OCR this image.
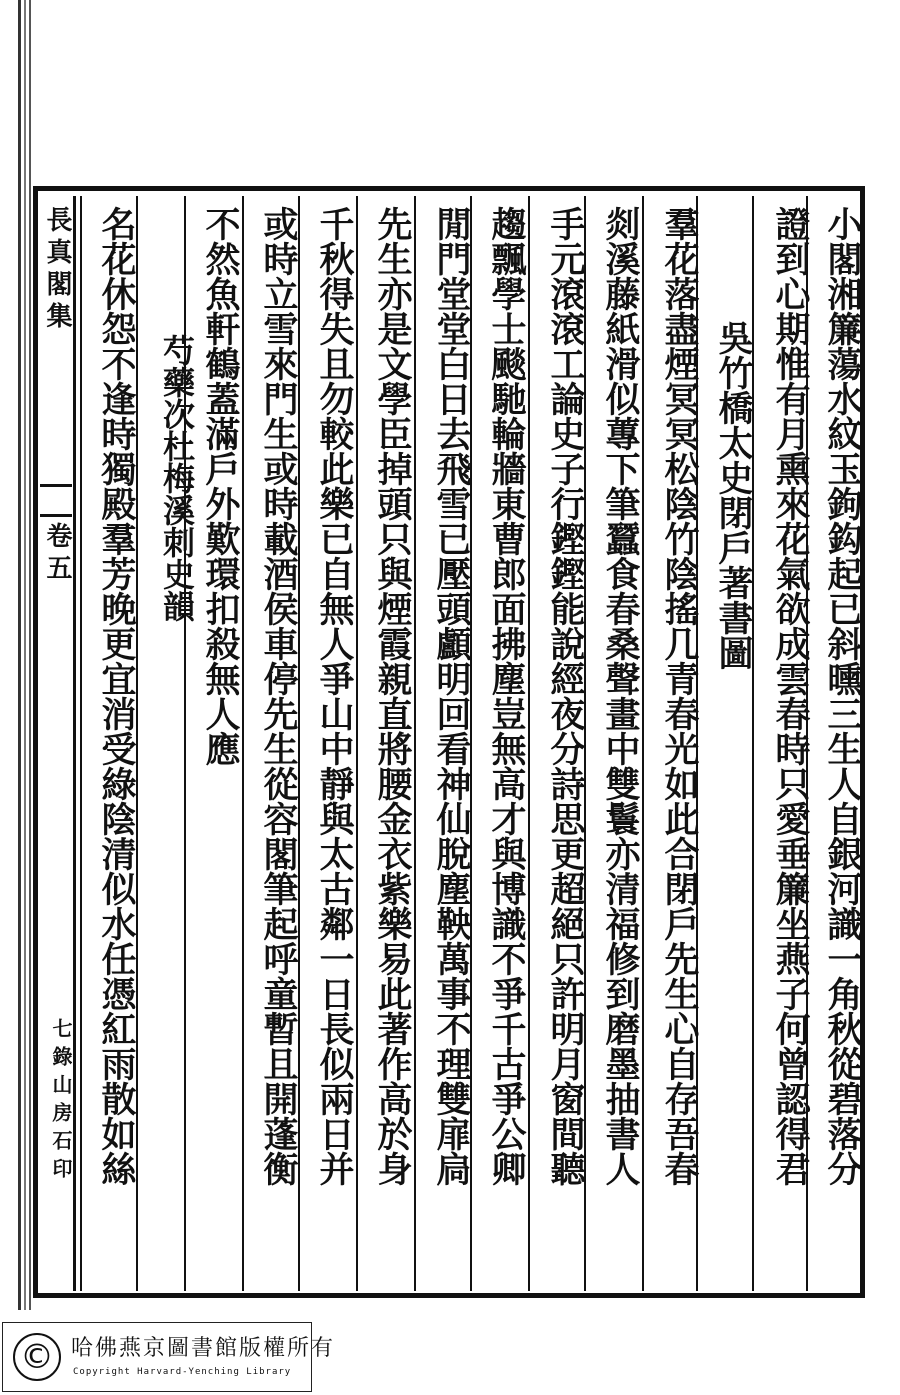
長真閣集
卷五
七錄山房石印	小閣湘簾蕩水紋玉鉤鈎起已斜曛三生人自銀河識一角秋從碧落分
證到心期惟有月熏來花氣欲成雲春時只愛垂簾坐燕子何曾認得君
吳竹橋太史閉戶著書圖
羣花落盡煙冥冥松陰竹陰搖几青春光如此合閉戶先生心自存吾春
剡溪藤紙滑似蓴下筆蠶食春桑聲畫中雙鬟亦清福修到磨墨抽書人
手元滾滾工論史子行鏗鏗能說經夜分詩思更超絕只許明月窗間聽
趨飄學士颷馳輪牆東曹郎面拂塵豈無高才與博識不爭千古爭公卿
閒門堂堂白日去飛雪已壓頭顱明回看神仙脫塵鞅萬事不理雙扉扃
先生亦是文學臣掉頭只與煙霞親直將腰金衣紫樂易此著作高於身
千秋得失且勿較此樂已自無人爭山中靜與太古鄰一日長似兩日并
或時立雪來門生或時載酒侯車停先生從容閣筆起呼童暫且開蓬衡
不然魚軒鶴蓋滿戶外歎環扣殺無人應
芍藥次杜梅溪刺史韻
名花休怨不逢時獨殿羣芳晚更宜消受綠陰清似水任憑紅雨散如絲
© 哈佛燕京圖書館版權所有
Copyright Harvard-Yenching Library
